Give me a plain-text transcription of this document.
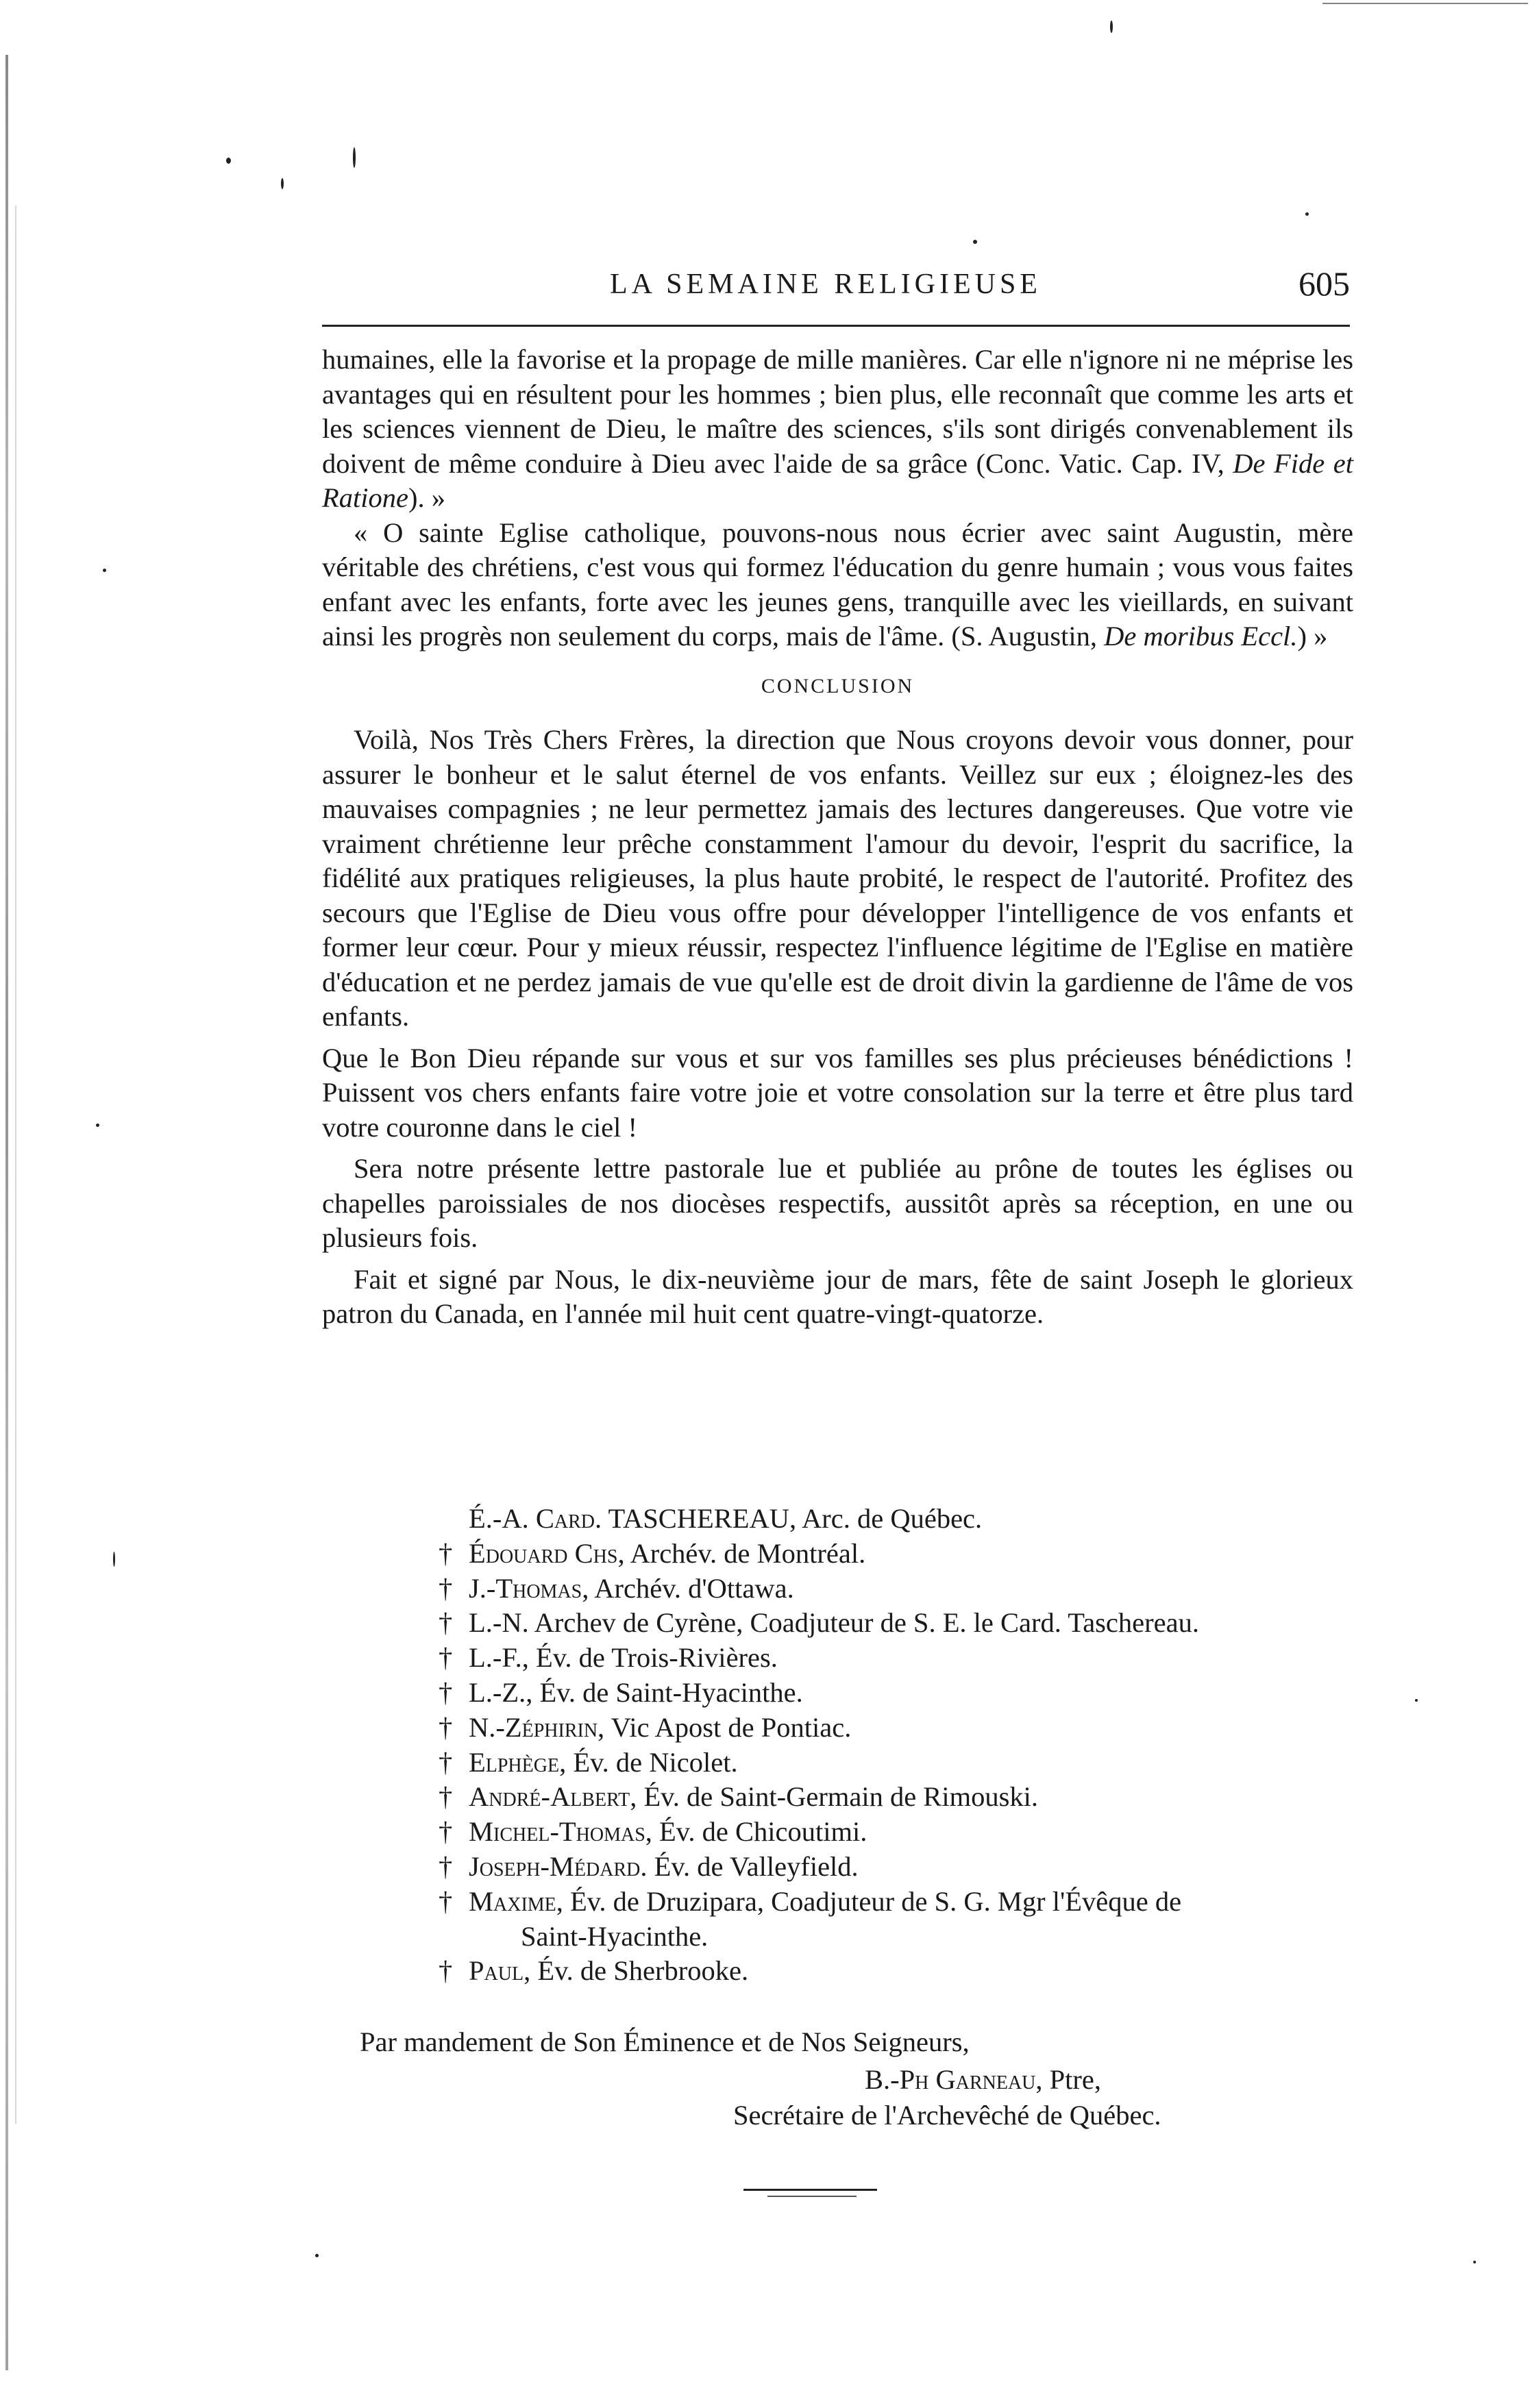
LA SEMAINE RELIGIEUSE	605

humaines, elle la favorise et la propage de mille manières. Car elle n'ignore ni ne méprise les avantages qui en résultent pour les hommes ; bien plus, elle reconnaît que comme les arts et les sciences viennent de Dieu, le maître des sciences, s'ils sont dirigés convenablement ils doivent de même conduire à Dieu avec l'aide de sa grâce (Conc. Vatic. Cap. IV, De Fide et Ratione). »

« O sainte Eglise catholique, pouvons-nous nous écrier avec saint Augustin, mère véritable des chrétiens, c'est vous qui formez l'éducation du genre humain ; vous vous faites enfant avec les enfants, forte avec les jeunes gens, tranquille avec les vieillards, en suivant ainsi les progrès non seulement du corps, mais de l'âme. (S. Augustin, De moribus Eccl.) »

CONCLUSION

Voilà, Nos Très Chers Frères, la direction que Nous croyons devoir vous donner, pour assurer le bonheur et le salut éternel de vos enfants. Veillez sur eux ; éloignez-les des mauvaises compagnies ; ne leur permettez jamais des lectures dangereuses. Que votre vie vraiment chrétienne leur prêche constamment l'amour du devoir, l'esprit du sacrifice, la fidélité aux pratiques religieuses, la plus haute probité, le respect de l'autorité. Profitez des secours que l'Eglise de Dieu vous offre pour développer l'intelligence de vos enfants et former leur cœur. Pour y mieux réussir, respectez l'influence légitime de l'Eglise en matière d'éducation et ne perdez jamais de vue qu'elle est de droit divin la gardienne de l'âme de vos enfants.

Que le Bon Dieu répande sur vous et sur vos familles ses plus précieuses bénédictions ! Puissent vos chers enfants faire votre joie et votre consolation sur la terre et être plus tard votre couronne dans le ciel !

Sera notre présente lettre pastorale lue et publiée au prône de toutes les églises ou chapelles paroissiales de nos diocèses respectifs, aussitôt après sa réception, en une ou plusieurs fois.

Fait et signé par Nous, le dix-neuvième jour de mars, fête de saint Joseph le glorieux patron du Canada, en l'année mil huit cent quatre-vingt-quatorze.

É.-A. Card. TASCHEREAU, Arc. de Québec.
† Édouard Chs, Archév. de Montréal.
† J.-Thomas, Archév. d'Ottawa.
† L.-N. Archev de Cyrène, Coadjuteur de S. E. le Card. Taschereau.
† L.-F., Év. de Trois-Rivières.
† L.-Z., Év. de Saint-Hyacinthe.
† N.-Zéphirin, Vic Apost de Pontiac.
† Elphège, Év. de Nicolet.
† André-Albert, Év. de Saint-Germain de Rimouski.
† Michel-Thomas, Év. de Chicoutimi.
† Joseph-Médard. Év. de Valleyfield.
† Maxime, Év. de Druzipara, Coadjuteur de S. G. Mgr l'Évêque de
Saint-Hyacinthe.
† Paul, Év. de Sherbrooke.
Par mandement de Son Éminence et de Nos Seigneurs,
B.-Ph Garneau, Ptre,
Secrétaire de l'Archevêché de Québec.
